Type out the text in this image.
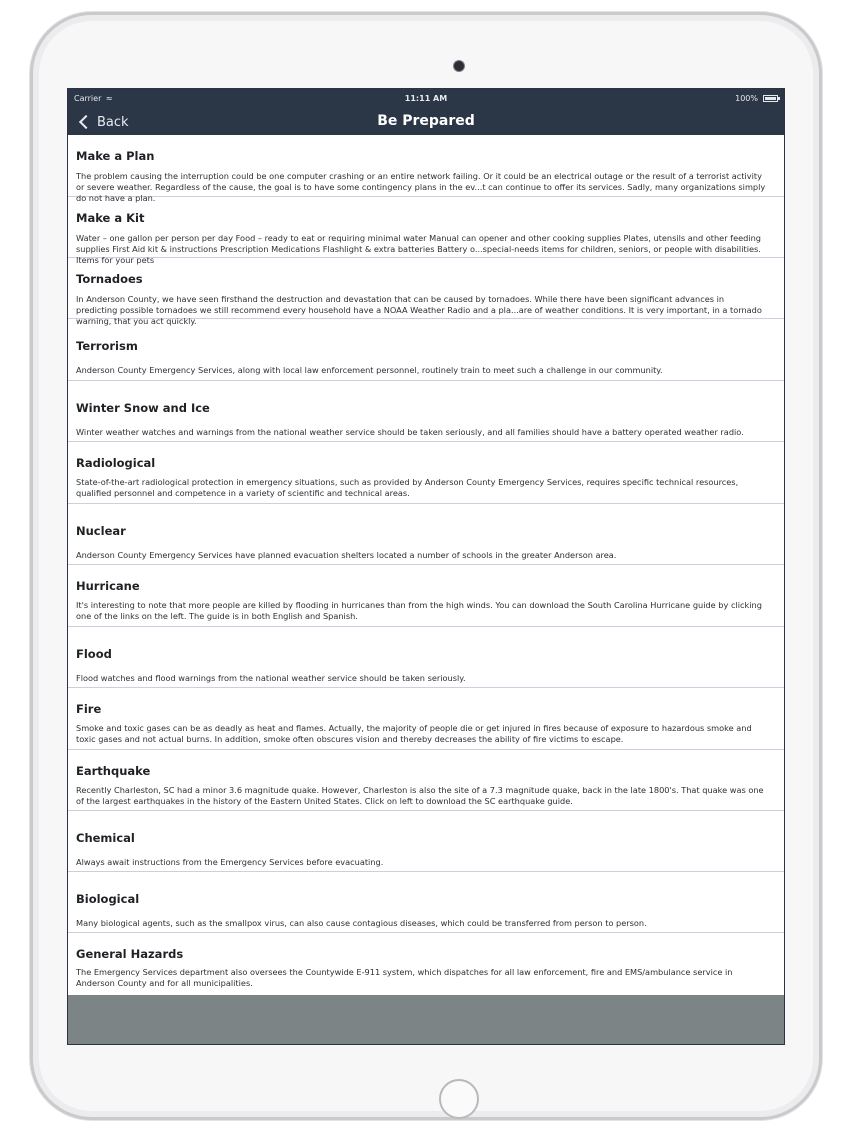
Carrier ≈	11:11 AM	100%
Back	Be Prepared
Make a Plan
The problem causing the interruption could be one computer crashing or an entire network failing. Or it could be an electrical outage or the result of a terrorist activity or severe weather. Regardless of the cause, the goal is to have some contingency plans in the ev...t can continue to offer its services. Sadly, many organizations simply do not have a plan.
Make a Kit
Water – one gallon per person per day Food – ready to eat or requiring minimal water Manual can opener and other cooking supplies Plates, utensils and other feeding supplies First Aid kit & instructions Prescription Medications Flashlight & extra batteries Battery o...special-needs items for children, seniors, or people with disabilities. Items for your pets
Tornadoes
In Anderson County, we have seen firsthand the destruction and devastation that can be caused by tornadoes. While there have been significant advances in predicting possible tornadoes we still recommend every household have a NOAA Weather Radio and a pla...are of weather conditions. It is very important, in a tornado warning, that you act quickly.
Terrorism
Anderson County Emergency Services, along with local law enforcement personnel, routinely train to meet such a challenge in our community.
Winter Snow and Ice
Winter weather watches and warnings from the national weather service should be taken seriously, and all families should have a battery operated weather radio.
Radiological
State-of-the-art radiological protection in emergency situations, such as provided by Anderson County Emergency Services, requires specific technical resources, qualified personnel and competence in a variety of scientific and technical areas.
Nuclear
Anderson County Emergency Services have planned evacuation shelters located a number of schools in the greater Anderson area.
Hurricane
It's interesting to note that more people are killed by flooding in hurricanes than from the high winds. You can download the South Carolina Hurricane guide by clicking one of the links on the left. The guide is in both English and Spanish.
Flood
Flood watches and flood warnings from the national weather service should be taken seriously.
Fire
Smoke and toxic gases can be as deadly as heat and flames. Actually, the majority of people die or get injured in fires because of exposure to hazardous smoke and toxic gases and not actual burns. In addition, smoke often obscures vision and thereby decreases the ability of fire victims to escape.
Earthquake
Recently Charleston, SC had a minor 3.6 magnitude quake. However, Charleston is also the site of a 7.3 magnitude quake, back in the late 1800's. That quake was one of the largest earthquakes in the history of the Eastern United States. Click on left to download the SC earthquake guide.
Chemical
Always await instructions from the Emergency Services before evacuating.
Biological
Many biological agents, such as the smallpox virus, can also cause contagious diseases, which could be transferred from person to person.
General Hazards
The Emergency Services department also oversees the Countywide E-911 system, which dispatches for all law enforcement, fire and EMS/ambulance service in Anderson County and for all municipalities.
